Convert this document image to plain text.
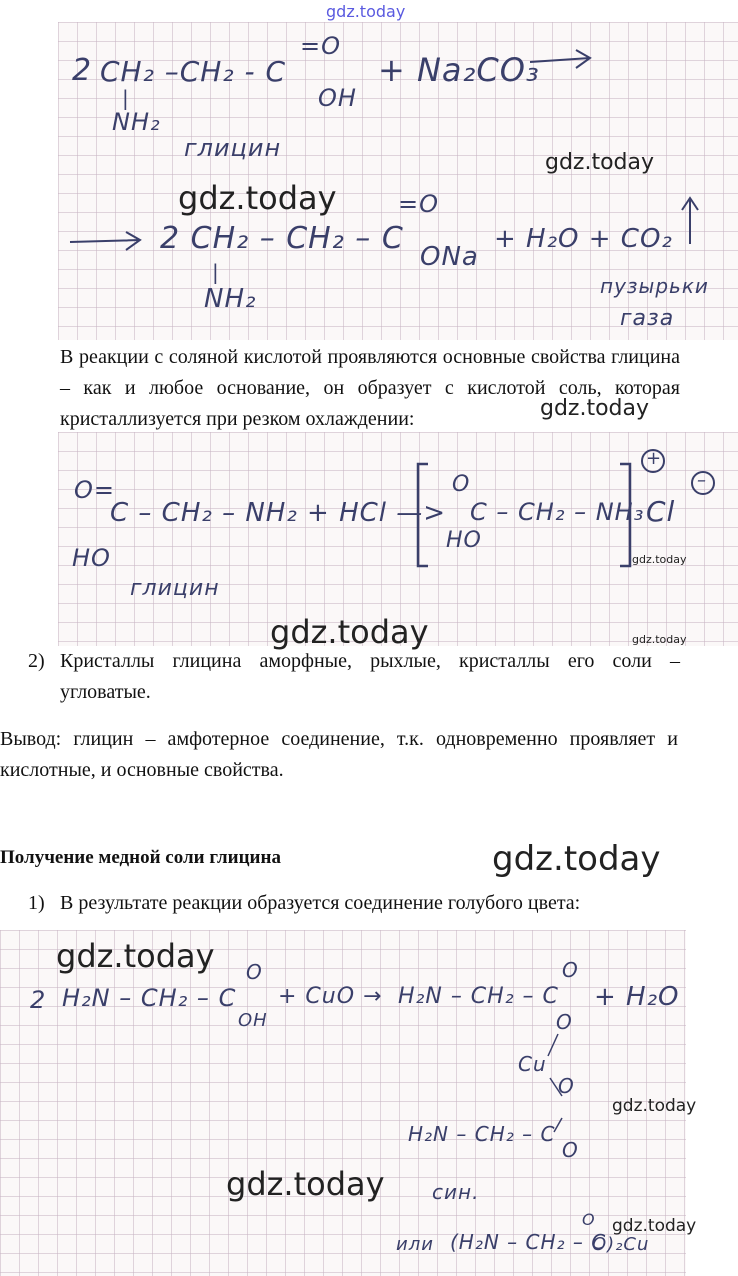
gdz.today
2 CH₂ –CH₂ - C
=O
OH
+ Na₂CO₃
|
NH₂
глицин
gdz.today
gdz.today
2 CH₂ – CH₂ – C
=O
ONa
+ H₂O + CO₂
|
NH₂	пузырьки
газа
В реакции с соляной кислотой проявляются основные свойства глицина – как и любое основание, он образует с кислотой соль, которая кристаллизуется при резком охлаждении:	gdz.today
O=
C – CH₂ – NH₂ + HCl —>
HO
глицин
O
C – CH₂ – NH₃
HO
Cl
+
–
gdz.today
gdz.today	gdz.today
2) Кристаллы глицина аморфные, рыхлые, кристаллы его соли – угловатые.
Вывод: глицин – амфотерное соединение, т.к. одновременно проявляет и кислотные, и основные свойства.
Получение медной соли глицина	gdz.today
1) В результате реакции образуется соединение голубого цвета:
gdz.today
2 H₂N – CH₂ – C
O
OH
+ CuO → H₂N – CH₂ – C
O
+ H₂O
O
Cu
O
H₂N – CH₂ – C
O
gdz.today
gdz.today син.
или (H₂N – CH₂ – C
O
O)₂Cu
gdz.today
